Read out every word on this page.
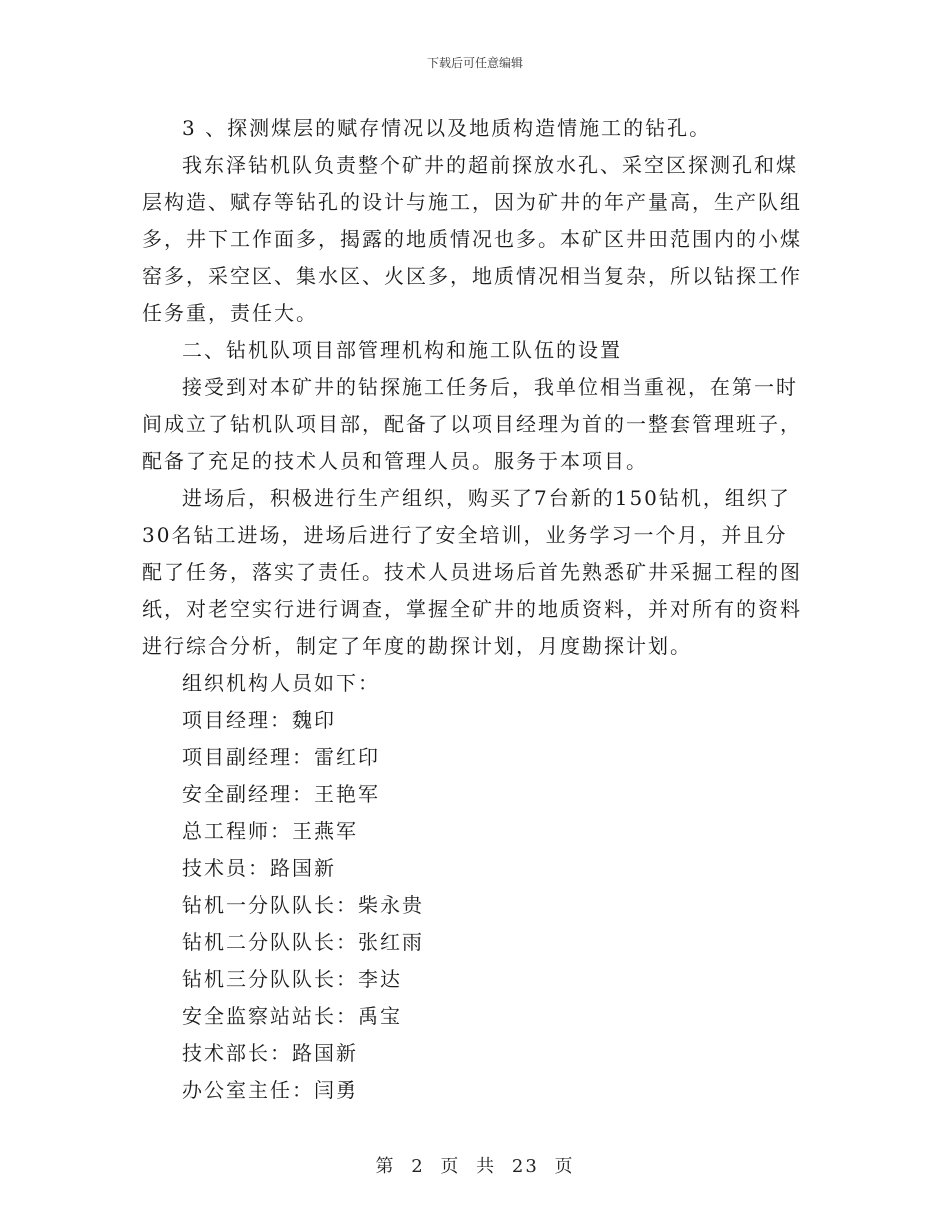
下载后可任意编辑

3 、探测煤层的赋存情况以及地质构造情施工的钻孔。

我东泽钻机队负责整个矿井的超前探放水孔、采空区探测孔和煤层构造、赋存等钻孔的设计与施工，因为矿井的年产量高，生产队组多，井下工作面多，揭露的地质情况也多。本矿区井田范围内的小煤窑多，采空区、集水区、火区多，地质情况相当复杂，所以钻探工作任务重，责任大。

二、钻机队项目部管理机构和施工队伍的设置

接受到对本矿井的钻探施工任务后，我单位相当重视，在第一时间成立了钻机队项目部，配备了以项目经理为首的一整套管理班子，配备了充足的技术人员和管理人员。服务于本项目。

进场后，积极进行生产组织，购买了7台新的150钻机，组织了30名钻工进场，进场后进行了安全培训，业务学习一个月，并且分配了任务，落实了责任。技术人员进场后首先熟悉矿井采掘工程的图纸，对老空实行进行调查，掌握全矿井的地质资料，并对所有的资料进行综合分析，制定了年度的勘探计划，月度勘探计划。

组织机构人员如下：

项目经理：魏印

项目副经理：雷红印

安全副经理：王艳军

总工程师：王燕军

技术员：路国新

钻机一分队队长：柴永贵

钻机二分队队长：张红雨

钻机三分队队长：李达

安全监察站站长：禹宝

技术部长：路国新

办公室主任：闫勇

第 2 页 共 23 页
